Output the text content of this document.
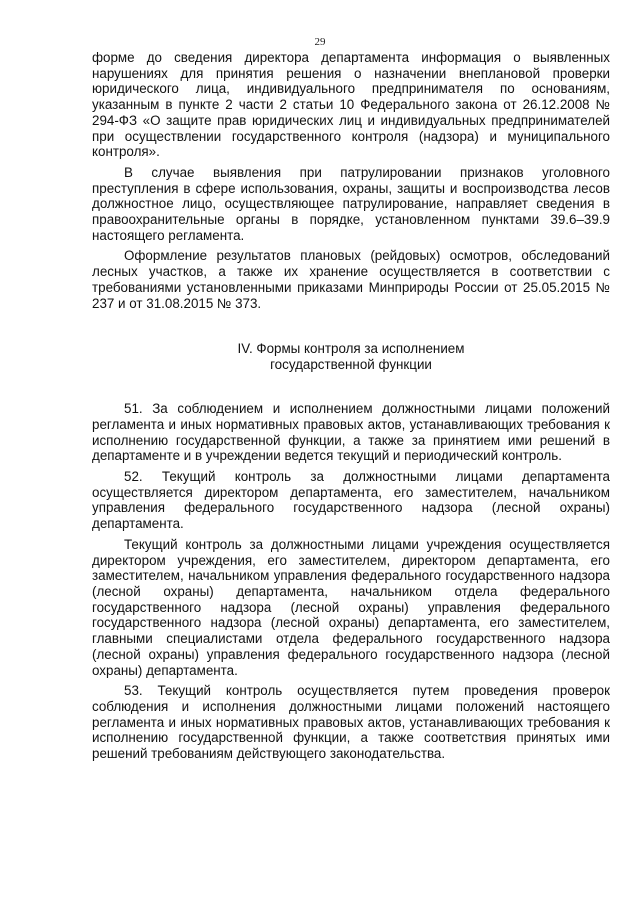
29

форме до сведения директора департамента информация о выявленных нарушениях для принятия решения о назначении внеплановой проверки юридического лица, индивидуального предпринимателя по основаниям, указанным в пункте 2 части 2 статьи 10 Федерального закона от 26.12.2008 № 294-ФЗ «О защите прав юридических лиц и индивидуальных предпринимателей при осуществлении государственного контроля (надзора) и муниципального контроля».

В случае выявления при патрулировании признаков уголовного преступления в сфере использования, охраны, защиты и воспроизводства лесов должностное лицо, осуществляющее патрулирование, направляет сведения в правоохранительные органы в порядке, установленном пунктами 39.6–39.9 настоящего регламента.

Оформление результатов плановых (рейдовых) осмотров, обследований лесных участков, а также их хранение осуществляется в соответствии с требованиями установленными приказами Минприроды России от 25.05.2015 № 237 и от 31.08.2015 № 373.

IV. Формы контроля за исполнением
государственной функции

51. За соблюдением и исполнением должностными лицами положений регламента и иных нормативных правовых актов, устанавливающих требования к исполнению государственной функции, а также за принятием ими решений в департаменте и в учреждении ведется текущий и периодический контроль.

52. Текущий контроль за должностными лицами департамента осуществляется директором департамента, его заместителем, начальником управления федерального государственного надзора (лесной охраны) департамента.

Текущий контроль за должностными лицами учреждения осуществляется директором учреждения, его заместителем, директором департамента, его заместителем, начальником управления федерального государственного надзора (лесной охраны) департамента, начальником отдела федерального государственного надзора (лесной охраны) управления федерального государственного надзора (лесной охраны) департамента, его заместителем, главными специалистами отдела федерального государственного надзора (лесной охраны) управления федерального государственного надзора (лесной охраны) департамента.

53. Текущий контроль осуществляется путем проведения проверок соблюдения и исполнения должностными лицами положений настоящего регламента и иных нормативных правовых актов, устанавливающих требования к исполнению государственной функции, а также соответствия принятых ими решений требованиям действующего законодательства.
